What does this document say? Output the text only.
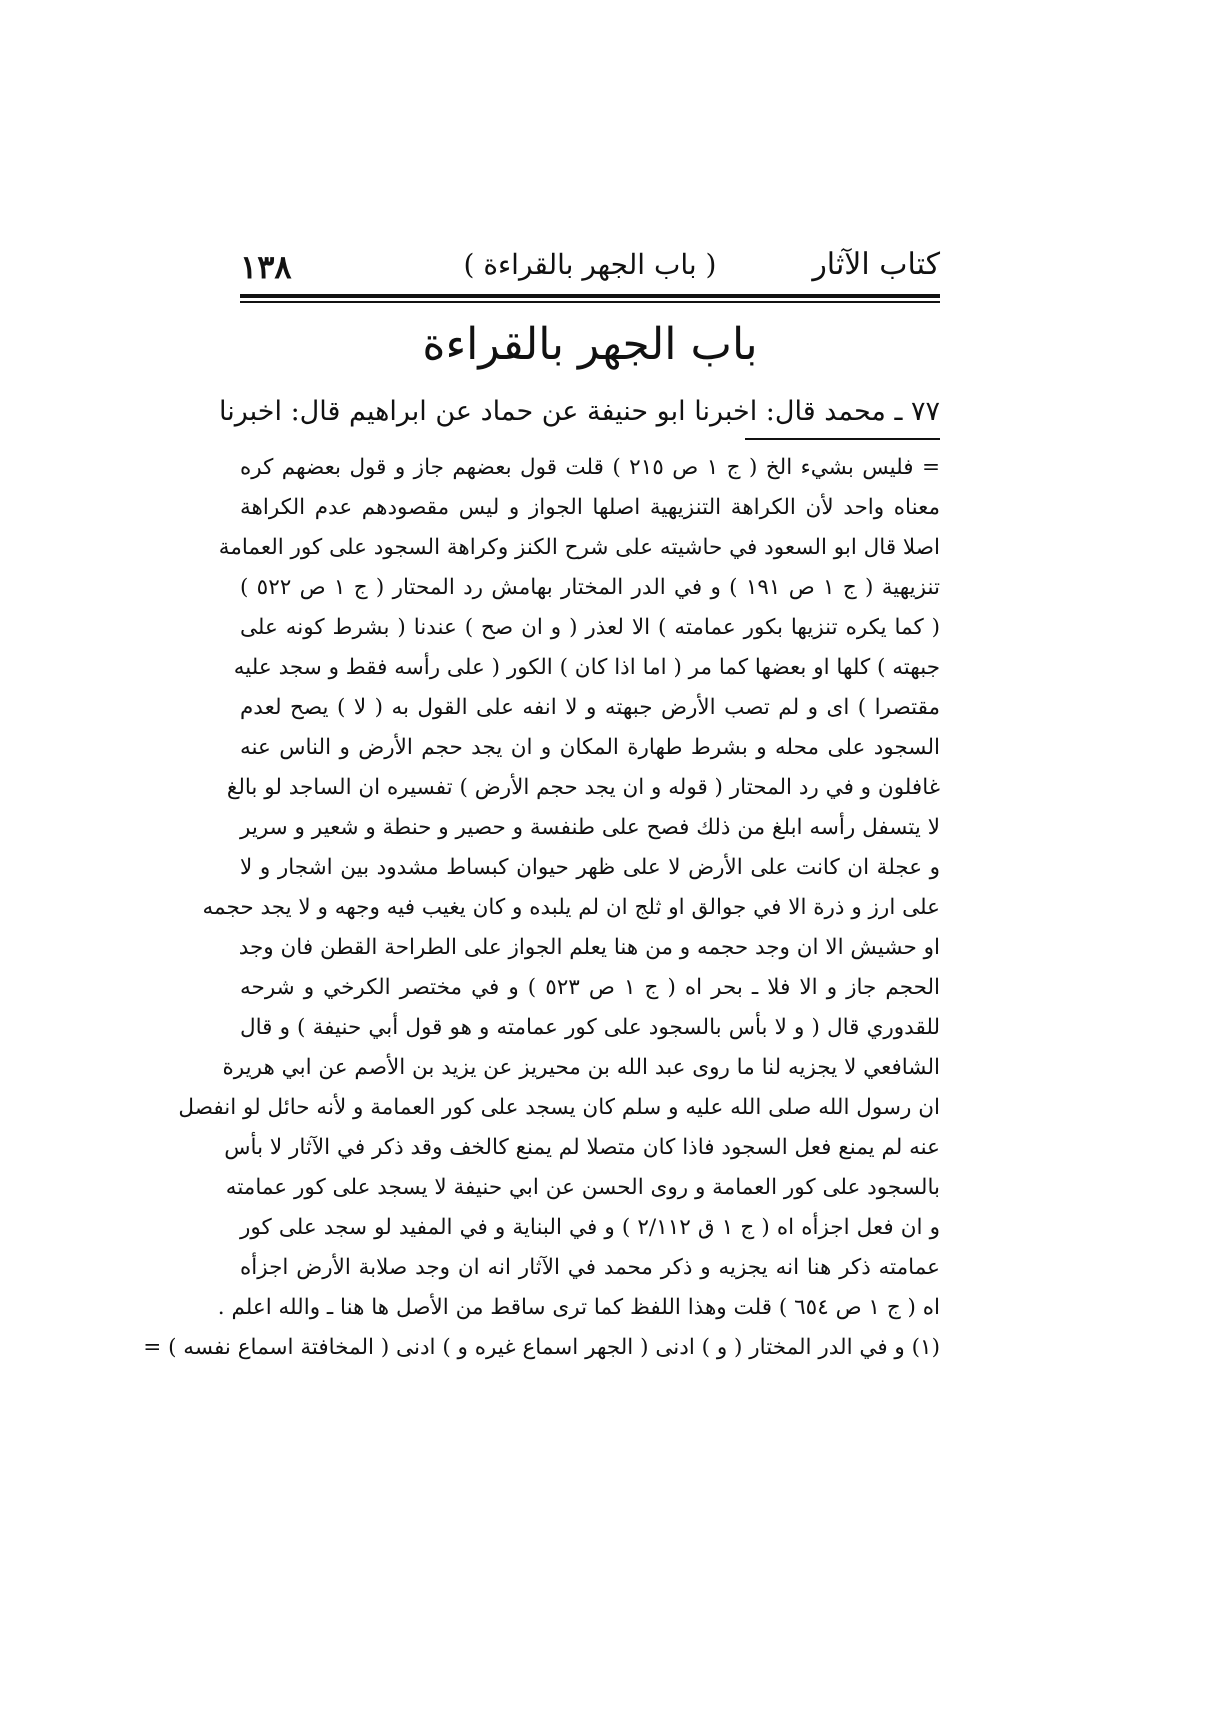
كتاب الآثار
( باب الجهر بالقراءة )
١٣٨
باب الجهر بالقراءة
٧٧ ـ محمد قال: اخبرنا ابو حنيفة عن حماد عن ابراهيم قال: اخبرنا
= فليس بشيء الخ ( ج ١ ص ٢١٥ ) قلت قول بعضهم جاز و قول بعضهم كره
معناه واحد لأن الكراهة التنزيهية اصلها الجواز و ليس مقصودهم عدم الكراهة
اصلا قال ابو السعود في حاشيته على شرح الكنز وكراهة السجود على كور العمامة
تنزيهية ( ج ١ ص ١٩١ ) و في الدر المختار بهامش رد المحتار ( ج ١ ص ٥٢٢ )
( كما يكره تنزيها بكور عمامته ) الا لعذر ( و ان صح ) عندنا ( بشرط كونه على
جبهته ) كلها او بعضها كما مر ( اما اذا كان ) الكور ( على رأسه فقط و سجد عليه
مقتصرا ) اى و لم تصب الأرض جبهته و لا انفه على القول به ( لا ) يصح لعدم
السجود على محله و بشرط طهارة المكان و ان يجد حجم الأرض و الناس عنه
غافلون و في رد المحتار ( قوله و ان يجد حجم الأرض ) تفسيره ان الساجد لو بالغ
لا يتسفل رأسه ابلغ من ذلك فصح على طنفسة و حصير و حنطة و شعير و سرير
و عجلة ان كانت على الأرض لا على ظهر حيوان كبساط مشدود بين اشجار و لا
على ارز و ذرة الا في جوالق او ثلج ان لم يلبده و كان يغيب فيه وجهه و لا يجد حجمه
او حشيش الا ان وجد حجمه و من هنا يعلم الجواز على الطراحة القطن فان وجد
الحجم جاز و الا فلا ـ بحر اه ( ج ١ ص ٥٢٣ ) و في مختصر الكرخي و شرحه
للقدوري قال ( و لا بأس بالسجود على كور عمامته و هو قول أبي حنيفة ) و قال
الشافعي لا يجزيه لنا ما روى عبد الله بن محيريز عن يزيد بن الأصم عن ابي هريرة
ان رسول الله صلى الله عليه و سلم كان يسجد على كور العمامة و لأنه حائل لو انفصل
عنه لم يمنع فعل السجود فاذا كان متصلا لم يمنع كالخف وقد ذكر في الآثار لا بأس
بالسجود على كور العمامة و روى الحسن عن ابي حنيفة لا يسجد على كور عمامته
و ان فعل اجزأه اه ( ج ١ ق ٢/١١٢ ) و في البناية و في المفيد لو سجد على كور
عمامته ذكر هنا انه يجزيه و ذكر محمد في الآثار انه ان وجد صلابة الأرض اجزأه
اه ( ج ١ ص ٦٥٤ ) قلت وهذا اللفظ كما ترى ساقط من الأصل ها هنا ـ والله اعلم .
(١) و في الدر المختار ( و ) ادنى ( الجهر اسماع غيره و ) ادنى ( المخافتة اسماع نفسه ) =
